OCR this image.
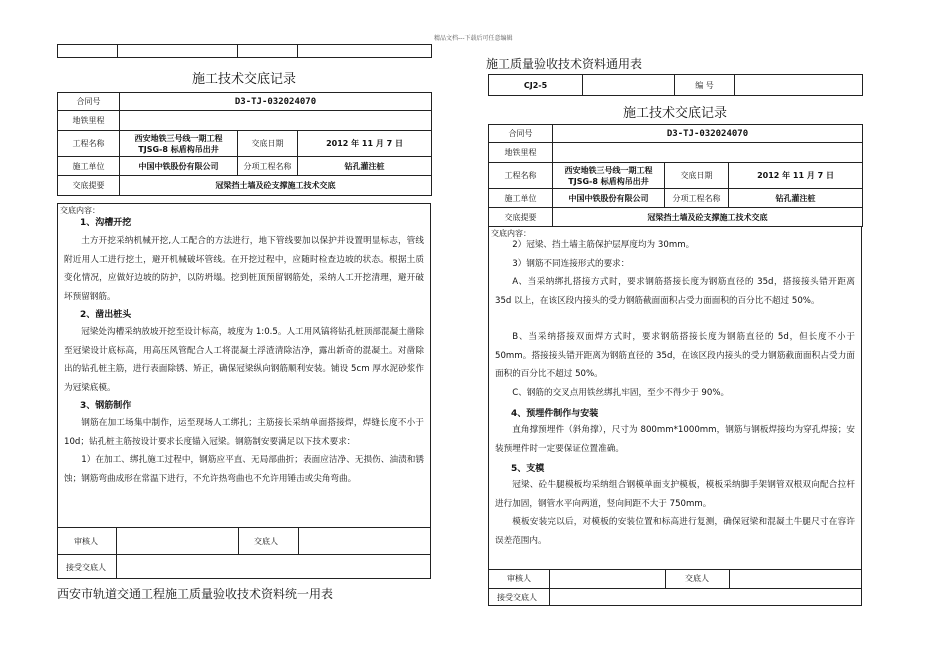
精品文档---下载后可任意编辑

施工技术交底记录
合同号	D3-TJ-032024070		
地铁里程			
工程名称	西安地铁三号线一期工程
TJSG-8 标盾构吊出井	交底日期	2012 年 11 月 7 日
施工单位	中国中铁股份有限公司	分项工程名称	钻孔灌注桩
交底提要	冠梁挡土墙及砼支撑施工技术交底		
交底内容：
1、沟槽开挖
土方开挖采纳机械开挖,人工配合的方法进行，地下管线要加以保护并设置明显标志，管线附近用人工进行挖土，避开机械破坏管线。在开挖过程中，应随时检查边坡的状态。根据土质变化情况，应做好边坡的防护，以防坍塌。挖到桩顶预留钢筋处，采纳人工开挖清理，避开破坏预留钢筋。
2、凿出桩头
冠梁处沟槽采纳放坡开挖至设计标高，坡度为 1:0.5。人工用风镐将钻孔桩顶部混凝土凿除至冠梁设计底标高，用高压风管配合人工将混凝土浮渣清除洁净，露出新奇的混凝土。对凿除出的钻孔桩主筋，进行表面除锈、矫正，确保冠梁纵向钢筋顺利安装。铺设 5cm 厚水泥砂浆作为冠梁底模。
3、钢筋制作
钢筋在加工场集中制作，运至现场人工绑扎；主筋接长采纳单面搭接焊，焊缝长度不小于 10d；钻孔桩主筋按设计要求长度锚入冠梁。钢筋制安要满足以下技术要求：
1）在加工、绑扎施工过程中，钢筋应平直、无局部曲折；表面应洁净、无损伤、油渍和锈蚀；钢筋弯曲成形在常温下进行，不允许热弯曲也不允许用锤击或尖角弯曲。
审核人	交底人
接受交底人
西安市轨道交通工程施工质量验收技术资料统一用表
施工质量验收技术资料通用表
CJ2-5		编 号	
施工技术交底记录
合同号	D3-TJ-032024070		
地铁里程			
工程名称	西安地铁三号线一期工程
TJSG-8 标盾构吊出井	交底日期	2012 年 11 月 7 日
施工单位	中国中铁股份有限公司	分项工程名称	钻孔灌注桩
交底提要	冠梁挡土墙及砼支撑施工技术交底		
交底内容：
2）冠梁、挡土墙主筋保护层厚度均为 30mm。
3）钢筋不同连接形式的要求：
A、当采纳绑扎搭接方式时，要求钢筋搭接长度为钢筋直径的 35d，搭接接头错开距离 35d 以上，在该区段内接头的受力钢筋截面面积占受力面面积的百分比不超过 50%。
B、当采纳搭接双面焊方式时，要求钢筋搭接长度为钢筋直径的 5d，但长度不小于 50mm。搭接接头错开距离为钢筋直径的 35d，在该区段内接头的受力钢筋截面面积占受力面面积的百分比不超过 50%。
C、钢筋的交叉点用铁丝绑扎牢固，至少不得少于 90%。
4、预埋件制作与安装
直角撑预埋件（斜角撑），尺寸为 800mm*1000mm，钢筋与钢板焊接均为穿孔焊接；安装预埋件时一定要保证位置准确。
5、支模
冠梁、砼牛腿模板均采纳组合钢模单面支护模板，模板采纳脚手架钢管双根双向配合拉杆进行加固，钢管水平向两道，竖向间距不大于 750mm。
模板安装完以后，对模板的安装位置和标高进行复测，确保冠梁和混凝土牛腿尺寸在容许误差范围内。
审核人	交底人
接受交底人
